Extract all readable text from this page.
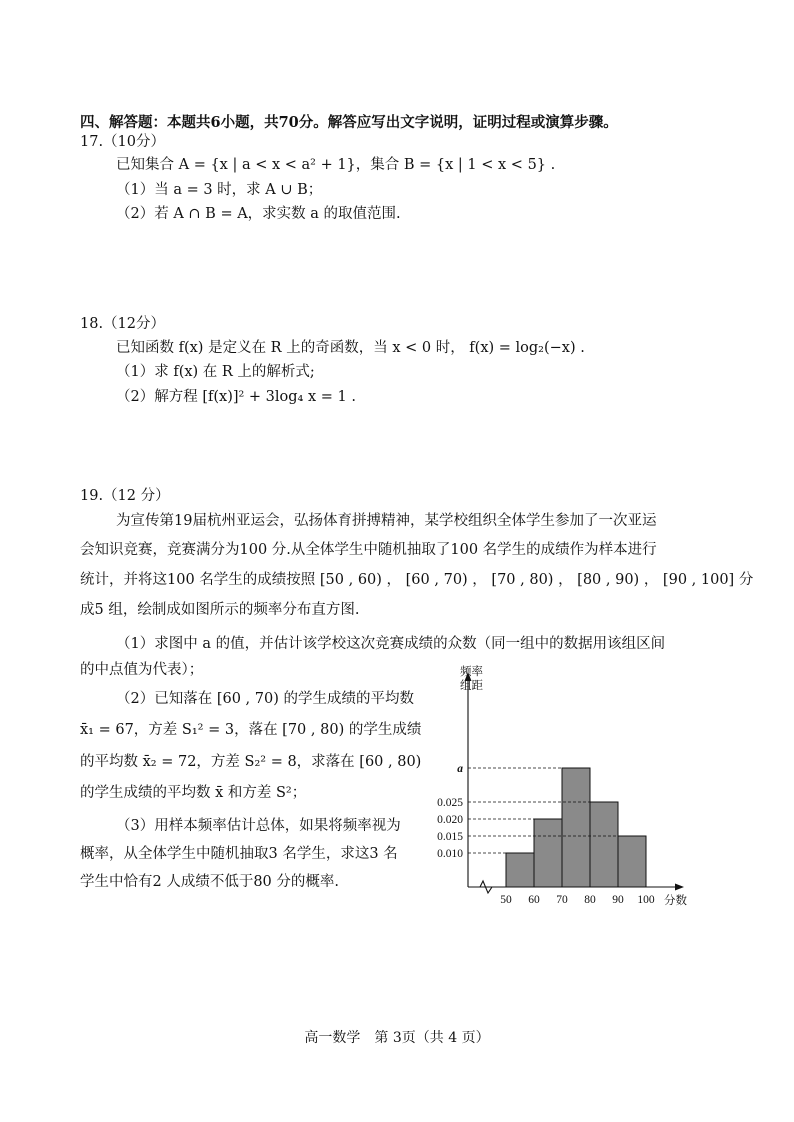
四、解答题：本题共6小题，共70分。解答应写出文字说明，证明过程或演算步骤。
17.（10分）
已知集合 A = {x | a < x < a² + 1}，集合 B = {x | 1 < x < 5} .
（1）当 a = 3 时，求 A ∪ B；
（2）若 A ∩ B = A，求实数 a 的取值范围.
18.（12分）
已知函数 f(x) 是定义在 R 上的奇函数，当 x < 0 时， f(x) = log₂(−x) .
（1）求 f(x) 在 R 上的解析式;
（2）解方程 [f(x)]² + 3log₄ x = 1 .
19.（12 分）
为宣传第19届杭州亚运会，弘扬体育拼搏精神，某学校组织全体学生参加了一次亚运
会知识竞赛，竞赛满分为100 分.从全体学生中随机抽取了100 名学生的成绩作为样本进行
统计，并将这100 名学生的成绩按照 [50 , 60) ， [60 , 70) ， [70 , 80) ， [80 , 90) ， [90 , 100] 分
成5 组，绘制成如图所示的频率分布直方图.
（1）求图中 a 的值，并估计该学校这次竞赛成绩的众数（同一组中的数据用该组区间
的中点值为代表）；
（2）已知落在 [60 , 70) 的学生成绩的平均数
x̄₁ = 67，方差 S₁² = 3，落在 [70 , 80) 的学生成绩
的平均数 x̄₂ = 72，方差 S₂² = 8，求落在 [60 , 80)
的学生成绩的平均数 x̄ 和方差 S²；
（3）用样本频率估计总体，如果将频率视为
概率，从全体学生中随机抽取3 名学生，求这3 名
学生中恰有2 人成绩不低于80 分的概率.
a
0.025
0.020
0.015
0.010
50 60 70 80 90 100
频率
组距
分数
高一数学　第 3页（共 4 页）
